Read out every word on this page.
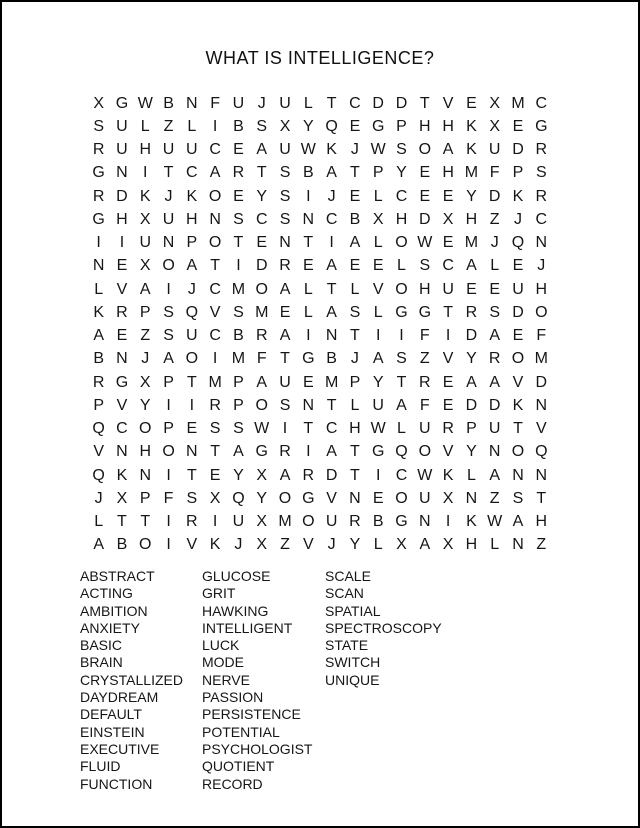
WHAT IS INTELLIGENCE?
X G W B N F U J U L T C D D T V E X M C
S U L Z L	I B S X Y Q E G P H H K X E G
R U H U U C E A U W K J W S O A K U D R
G N I	T C A R T S B A T P Y E H M F P S
R D K J K O E Y S I	J E L C E E Y D K R
G H X U H N S C S N C B X H D X H Z J C
I	I U N P O T E N T	I A L O W E M J Q N
N E X O A T	I D R E A E E L S C A L E J
L V A I	J C M O A L T L V O H U E E U H
K R P S Q V S M E L A S L G G T R S D O
A E Z S U C B R A I N T	I	I	F	I D A E F
B N J A O I M F T G B J A S Z V Y R O M
R G X P T M P A U E M P Y T R E A A V D
P V Y I	I R P O S N T L U A F E D D K N
Q C O P E S S W I	T C H W L U R P U T V
V N H O N T A G R I A T G Q O V Y N O Q
Q K N I	T E Y X A R D T	I C W K L A N N
J X P F S X Q Y O G V N E O U X N Z S T
L T T	I R I U X M O U R B G N I K W A H
A B O I V K J X Z V J Y L X A X H L N Z
ABSTRACT
ACTING
AMBITION
ANXIETY
BASIC
BRAIN
CRYSTALLIZED
DAYDREAM
DEFAULT
EINSTEIN
EXECUTIVE
FLUID
FUNCTION
GLUCOSE
GRIT
HAWKING
INTELLIGENT
LUCK
MODE
NERVE
PASSION
PERSISTENCE
POTENTIAL
PSYCHOLOGIST
QUOTIENT
RECORD
SCALE
SCAN
SPATIAL
SPECTROSCOPY
STATE
SWITCH
UNIQUE
